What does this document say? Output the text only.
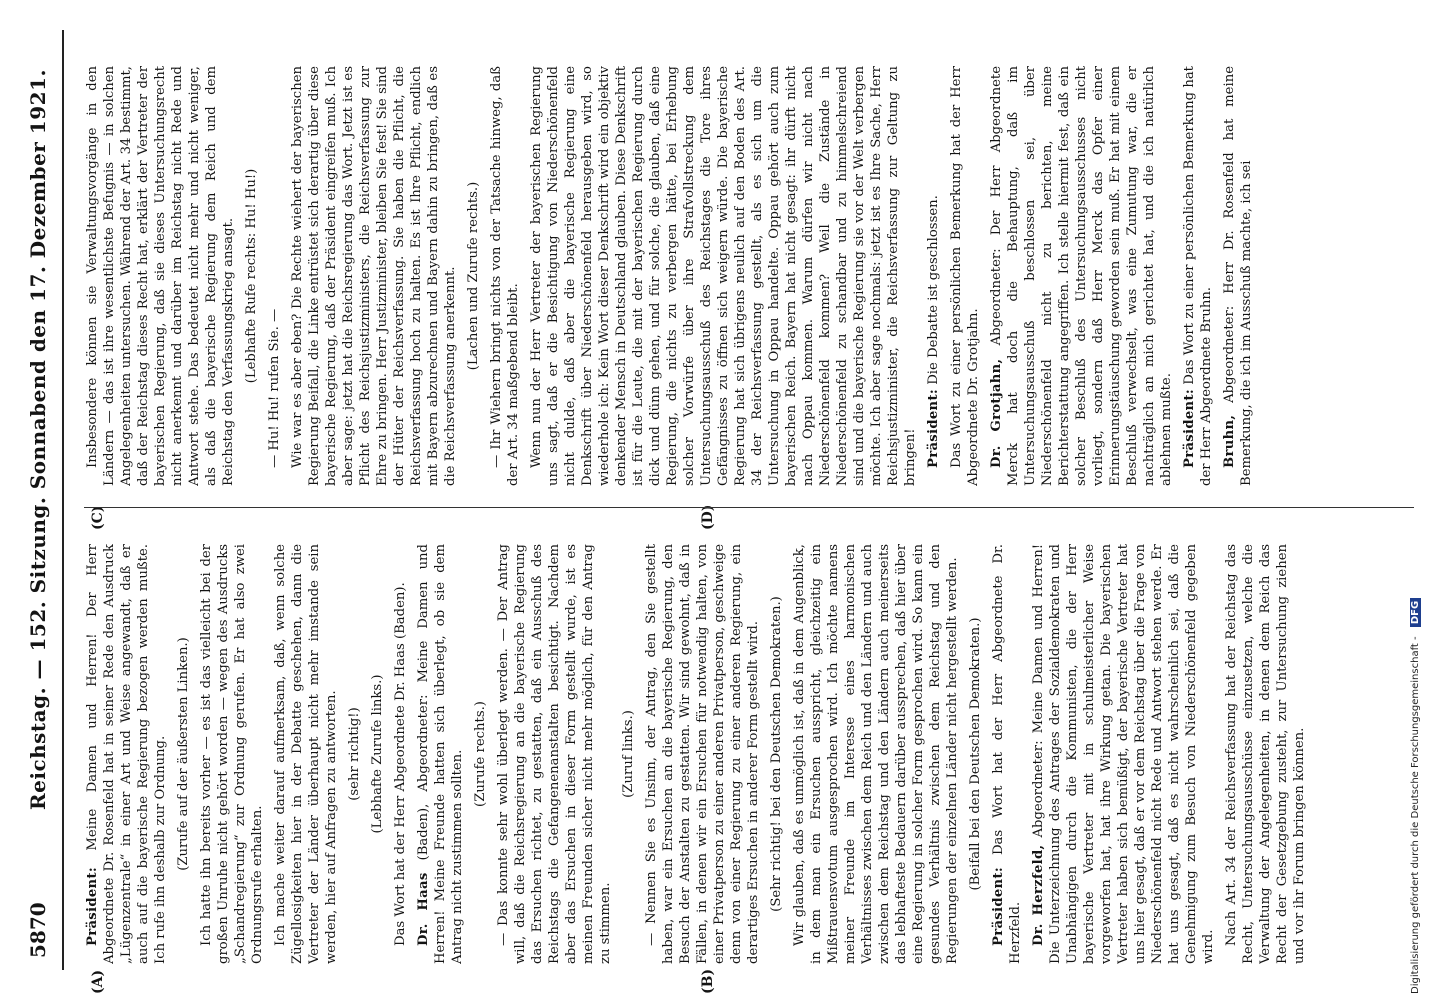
5870
Reichstag. — 152. Sitzung. Sonnabend den 17. Dezember 1921.
(A)	(B)
(C)	(D)

Präsident: Meine Damen und Herren! Der Herr Abgeordnete Dr. Rosenfeld hat in seiner Rede den Ausdruck „Lügenzentrale“ in einer Art und Weise angewandt, daß er auch auf die bayerische Regierung bezogen werden mußte. Ich rufe ihn deshalb zur Ordnung. (Zurufe auf der äußersten Linken.) Ich hatte ihn bereits vorher — es ist das vielleicht bei der großen Unruhe nicht gehört worden — wegen des Ausdrucks „Schandregierung“ zur Ordnung gerufen. Er hat also zwei Ordnungsrufe erhalten. Ich mache weiter darauf aufmerksam, daß, wenn solche Zügellosigkeiten hier in der Debatte geschehen, dann die Vertreter der Länder überhaupt nicht mehr imstande sein werden, hier auf Anfragen zu antworten. (sehr richtig!) (Lebhafte Zurufe links.) Das Wort hat der Herr Abgeordnete Dr. Haas (Baden). Dr. Haas (Baden), Abgeordneter: Meine Damen und Herren! Meine Freunde hatten sich überlegt, ob sie dem Antrag nicht zustimmen sollten. (Zurufe rechts.) — Das konnte sehr wohl überlegt werden. — Der Antrag will, daß die Reichsregierung an die bayerische Regierung das Ersuchen richtet, zu gestatten, daß ein Ausschuß des Reichstags die Gefangenenanstalten besichtigt. Nachdem aber das Ersuchen in dieser Form gestellt wurde, ist es meinen Freunden sicher nicht mehr möglich, für den Antrag zu stimmen.

(Zuruf links.) — Nennen Sie es Unsinn, der Antrag, den Sie gestellt haben, war ein Ersuchen an die bayerische Regierung, den Besuch der Anstalten zu gestatten. Wir sind gewohnt, daß in Fällen, in denen wir ein Ersuchen für notwendig halten, von einer Privatperson zu einer anderen Privatperson, geschweige denn von einer Regierung zu einer anderen Regierung, ein derartiges Ersuchen in anderer Form gestellt wird. (Sehr richtig! bei den Deutschen Demokraten.) Wir glauben, daß es unmöglich ist, daß in dem Augenblick, in dem man ein Ersuchen ausspricht, gleichzeitig ein Mißtrauensvotum ausgesprochen wird. Ich möchte namens meiner Freunde im Interesse eines harmonischen Verhältnisses zwischen dem Reich und den Ländern und auch zwischen dem Reichstag und den Ländern auch meinerseits das lebhafteste Bedauern darüber aussprechen, daß hier über eine Regierung in solcher Form gesprochen wird. So kann ein gesundes Verhältnis zwischen dem Reichstag und den Regierungen der einzelnen Länder nicht hergestellt werden. (Beifall bei den Deutschen Demokraten.)

Präsident: Das Wort hat der Herr Abgeordnete Dr. Herzfeld. Dr. Herzfeld, Abgeordneter: Meine Damen und Herren! Die Unterzeichnung des Antrages der Sozialdemokraten und Unabhängigen durch die Kommunisten, die der Herr bayerische Vertreter mit in schulmeisterlicher Weise vorgeworfen hat, hat ihre Wirkung getan. Die bayerischen Vertreter haben sich bemüßigt, der bayerische Vertreter hat uns hier gesagt, daß er vor dem Reichstag über die Frage von Niederschönenfeld nicht Rede und Antwort stehen werde. Er hat uns gesagt, daß es nicht wahrscheinlich sei, daß die Genehmigung zum Besuch von Niederschönenfeld gegeben wird.

Nach Art. 34 der Reichsverfassung hat der Reichstag das Recht, Untersuchungsausschüsse einzusetzen, welche die Verwaltung der Angelegenheiten, in denen dem Reich das Recht der Gesetzgebung zusteht, zur Untersuchung ziehen und vor ihr Forum bringen können.

Insbesondere können sie Verwaltungsvorgänge in den Ländern — das ist ihre wesentlichste Befugnis — in solchen Angelegenheiten untersuchen. Während der Art. 34 bestimmt, daß der Reichstag dieses Recht hat, erklärt der Vertreter der bayerischen Regierung, daß sie dieses Untersuchungsrecht nicht anerkennt und darüber im Reichstag nicht Rede und Antwort stehe. Das bedeutet nicht mehr und nicht weniger, als daß die bayerische Regierung dem Reich und dem Reichstag den Verfassungskrieg ansagt. (Lebhafte Rufe rechts: Hu! Hu!)

— Hu! Hu! rufen Sie. — Wie war es aber eben? Die Rechte wiehert der bayerischen Regierung Beifall, die Linke entrüstet sich derartig über diese bayerische Regierung, daß der Präsident eingreifen muß. Ich aber sage: jetzt hat die Reichsregierung das Wort. Jetzt ist es Pflicht des Reichsjustizministers, die Reichsverfassung zur Ehre zu bringen. Herr Justizminister, bleiben Sie fest! Sie sind der Hüter der Reichsverfassung. Sie haben die Pflicht, die Reichsverfassung hoch zu halten. Es ist Ihre Pflicht, endlich mit Bayern abzurechnen und Bayern dahin zu bringen, daß es die Reichsverfassung anerkennt. (Lachen und Zurufe rechts.) — Ihr Wiehern bringt nichts von der Tatsache hinweg, daß der Art. 34 maßgebend bleibt. Wenn nun der Herr Vertreter der bayerischen Regierung uns sagt, daß er die Besichtigung von Niederschönenfeld nicht dulde, daß aber die bayerische Regierung eine Denkschrift über Niederschönenfeld herausgeben wird, so wiederhole ich: Kein Wort dieser Denkschrift wird ein objektiv denkender Mensch in Deutschland glauben. Diese Denkschrift ist für die Leute, die mit der bayerischen Regierung durch dick und dünn gehen, und für solche, die glauben, daß eine Regierung, die nichts zu verbergen hätte, bei Erhebung solcher Vorwürfe über ihre Strafvollstreckung dem Untersuchungsausschuß des Reichstages die Tore ihres Gefängnisses zu öffnen sich weigern würde. Die bayerische Regierung hat sich übrigens neulich auf den Boden des Art. 34 der Reichsverfassung gestellt, als es sich um die Untersuchung in Oppau handelte. Oppau gehört auch zum bayerischen Reich. Bayern hat nicht gesagt: ihr dürft nicht nach Oppau kommen. Warum dürfen wir nicht nach Niederschönenfeld kommen? Weil die Zustände in Niederschönenfeld zu schandbar und zu himmelschreiend sind und die bayerische Regierung sie vor der Welt verbergen möchte. Ich aber sage nochmals: jetzt ist es Ihre Sache, Herr Reichsjustizminister, die Reichsverfassung zur Geltung zu bringen! Präsident: Die Debatte ist geschlossen. Das Wort zu einer persönlichen Bemerkung hat der Herr Abgeordnete Dr. Grotjahn. Dr. Grotjahn, Abgeordneter: Der Herr Abgeordnete Merck hat doch die Behauptung, daß im Untersuchungsausschuß beschlossen sei, über Niederschönenfeld nicht zu berichten, meine Berichterstattung angegriffen. Ich stelle hiermit fest, daß ein solcher Beschluß des Untersuchungsausschusses nicht vorliegt, sondern daß Herr Merck das Opfer einer Erinnerungstäuschung geworden sein muß. Er hat mit einem Beschluß verwechselt, was eine Zumutung war, die er nachträglich an mich gerichtet hat, und die ich natürlich ablehnen mußte. Präsident: Das Wort zu einer persönlichen Bemerkung hat der Herr Abgeordnete Bruhn. Bruhn, Abgeordneter: Herr Dr. Rosenfeld hat meine Bemerkung, die ich im Ausschuß machte, ich sei

Digitalisierung gefördert durch die Deutsche Forschungsgemeinschaft - DFG
